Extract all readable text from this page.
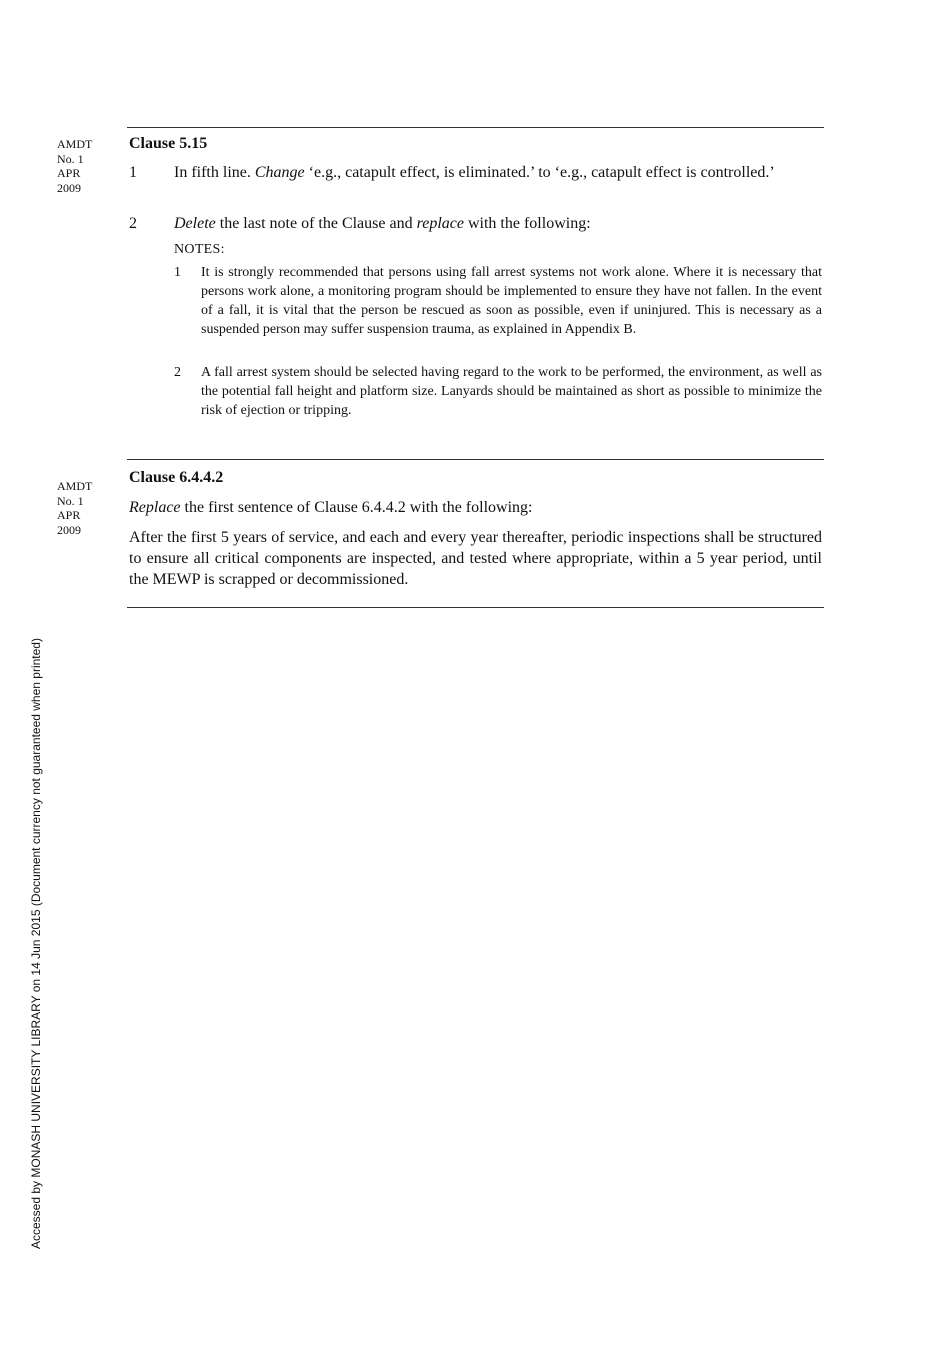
AMDT
No. 1
APR
2009
Clause 5.15
1 In fifth line. Change ‘e.g., catapult effect, is eliminated.’ to ‘e.g., catapult effect is controlled.’
2 Delete the last note of the Clause and replace with the following:
NOTES:
1 It is strongly recommended that persons using fall arrest systems not work alone. Where it is necessary that persons work alone, a monitoring program should be implemented to ensure they have not fallen. In the event of a fall, it is vital that the person be rescued as soon as possible, even if uninjured. This is necessary as a suspended person may suffer suspension trauma, as explained in Appendix B.
2 A fall arrest system should be selected having regard to the work to be performed, the environment, as well as the potential fall height and platform size. Lanyards should be maintained as short as possible to minimize the risk of ejection or tripping.
AMDT
No. 1
APR
2009
Clause 6.4.4.2
Replace the first sentence of Clause 6.4.4.2 with the following:
After the first 5 years of service, and each and every year thereafter, periodic inspections shall be structured to ensure all critical components are inspected, and tested where appropriate, within a 5 year period, until the MEWP is scrapped or decommissioned.
Accessed by MONASH UNIVERSITY LIBRARY on 14 Jun 2015 (Document currency not guaranteed when printed)
